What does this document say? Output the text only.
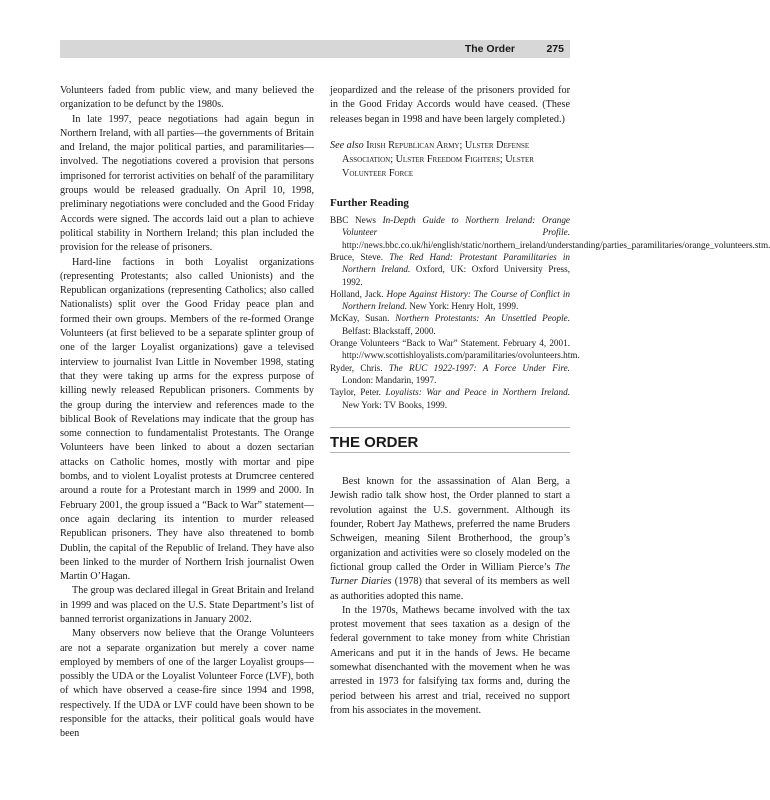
The Order	275

Volunteers faded from public view, and many believed the organization to be defunct by the 1980s.

In late 1997, peace negotiations had again begun in Northern Ireland, with all parties—the governments of Britain and Ireland, the major political parties, and paramilitaries—involved. The negotiations covered a provision that persons imprisoned for terrorist activities on behalf of the paramilitary groups would be released gradually. On April 10, 1998, preliminary negotiations were concluded and the Good Friday Accords were signed. The accords laid out a plan to achieve political stability in Northern Ireland; this plan included the provision for the release of prisoners.

Hard-line factions in both Loyalist organizations (representing Protestants; also called Unionists) and the Republican organizations (representing Catholics; also called Nationalists) split over the Good Friday peace plan and formed their own groups. Members of the re-formed Orange Volunteers (at first believed to be a separate splinter group of one of the larger Loyalist organizations) gave a televised interview to journalist Ivan Little in November 1998, stating that they were taking up arms for the express purpose of killing newly released Republican prisoners. Comments by the group during the interview and references made to the biblical Book of Revelations may indicate that the group has some connection to fundamentalist Protestants. The Orange Volunteers have been linked to about a dozen sectarian attacks on Catholic homes, mostly with mortar and pipe bombs, and to violent Loyalist protests at Drumcree centered around a route for a Protestant march in 1999 and 2000. In February 2001, the group issued a “Back to War” statement—once again declaring its intention to murder released Republican prisoners. They have also threatened to bomb Dublin, the capital of the Republic of Ireland. They have also been linked to the murder of Northern Irish journalist Owen Martin O’Hagan.

The group was declared illegal in Great Britain and Ireland in 1999 and was placed on the U.S. State Department’s list of banned terrorist organizations in January 2002.

Many observers now believe that the Orange Volunteers are not a separate organization but merely a cover name employed by members of one of the larger Loyalist groups—possibly the UDA or the Loyalist Volunteer Force (LVF), both of which have observed a cease-fire since 1994 and 1998, respectively. If the UDA or LVF could have been shown to be responsible for the attacks, their political goals would have been

jeopardized and the release of the prisoners provided for in the Good Friday Accords would have ceased. (These releases began in 1998 and have been largely completed.)

See also Irish Republican Army; Ulster Defense Association; Ulster Freedom Fighters; Ulster Volunteer Force

Further Reading
BBC News In-Depth Guide to Northern Ireland: Orange Volunteer Profile. http://news.bbc.co.uk/hi/english/static/northern_ireland/understanding/parties_paramilitaries/orange_volunteers.stm.
Bruce, Steve. The Red Hand: Protestant Paramilitaries in Northern Ireland. Oxford, UK: Oxford University Press, 1992.
Holland, Jack. Hope Against History: The Course of Conflict in Northern Ireland. New York: Henry Holt, 1999.
McKay, Susan. Northern Protestants: An Unsettled People. Belfast: Blackstaff, 2000.
Orange Volunteers “Back to War” Statement. February 4, 2001. http://www.scottishloyalists.com/paramilitaries/ovolunteers.htm.
Ryder, Chris. The RUC 1922-1997: A Force Under Fire. London: Mandarin, 1997.
Taylor, Peter. Loyalists: War and Peace in Northern Ireland. New York: TV Books, 1999.
THE ORDER

Best known for the assassination of Alan Berg, a Jewish radio talk show host, the Order planned to start a revolution against the U.S. government. Although its founder, Robert Jay Mathews, preferred the name Bruders Schweigen, meaning Silent Brotherhood, the group’s organization and activities were so closely modeled on the fictional group called the Order in William Pierce’s The Turner Diaries (1978) that several of its members as well as authorities adopted this name.

In the 1970s, Mathews became involved with the tax protest movement that sees taxation as a design of the federal government to take money from white Christian Americans and put it in the hands of Jews. He became somewhat disenchanted with the movement when he was arrested in 1973 for falsifying tax forms and, during the period between his arrest and trial, received no support from his associates in the movement.
